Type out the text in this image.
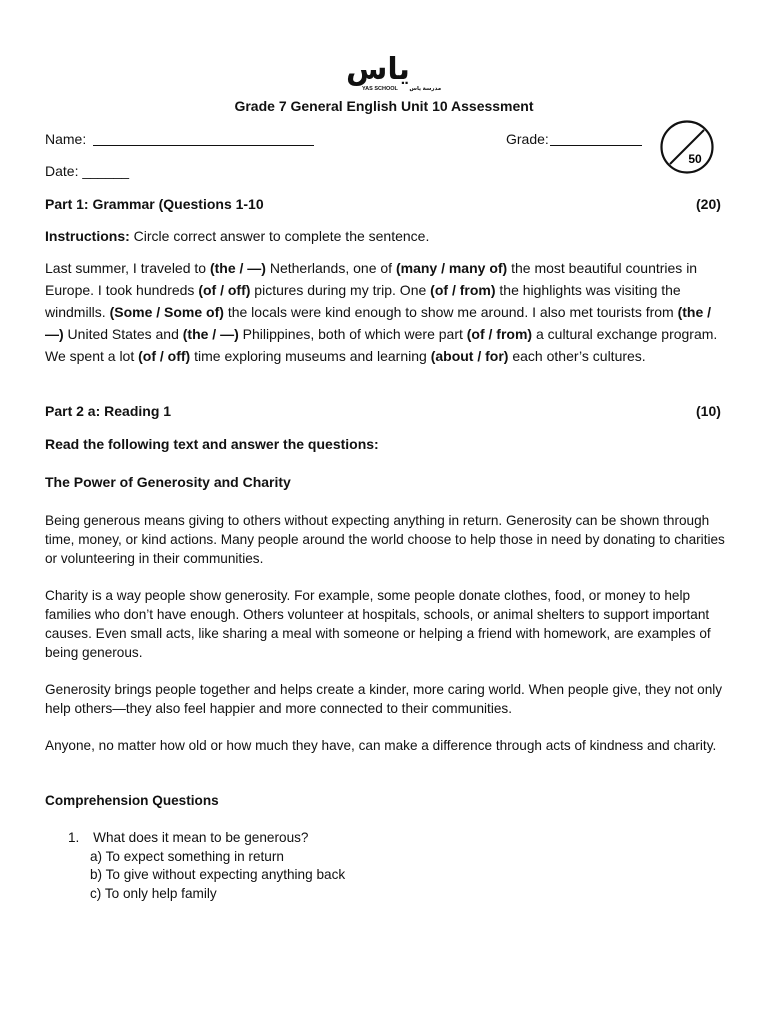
ياس
YAS SCHOOL مدرسة ياس
Grade 7 General English Unit 10 Assessment
Name:	Grade:
50
Date: ______
Part 1: Grammar (Questions 1-10	(20)
Instructions: Circle correct answer to complete the sentence.
Last summer, I traveled to (the / —) Netherlands, one of (many / many of) the most beautiful countries in Europe. I took hundreds (of / off) pictures during my trip. One (of / from) the highlights was visiting the windmills. (Some / Some of) the locals were kind enough to show me around. I also met tourists from (the / —) United States and (the / —) Philippines, both of which were part (of / from) a cultural exchange program. We spent a lot (of / off) time exploring museums and learning (about / for) each other’s cultures.
Part 2 a: Reading 1	(10)
Read the following text and answer the questions:
The Power of Generosity and Charity
Being generous means giving to others without expecting anything in return. Generosity can be shown through time, money, or kind actions. Many people around the world choose to help those in need by donating to charities or volunteering in their communities.
Charity is a way people show generosity. For example, some people donate clothes, food, or money to help families who don’t have enough. Others volunteer at hospitals, schools, or animal shelters to support important causes. Even small acts, like sharing a meal with someone or helping a friend with homework, are examples of being generous.
Generosity brings people together and helps create a kinder, more caring world. When people give, they not only help others—they also feel happier and more connected to their communities.
Anyone, no matter how old or how much they have, can make a difference through acts of kindness and charity.
Comprehension Questions
1. What does it mean to be generous?
a) To expect something in return
b) To give without expecting anything back
c) To only help family
